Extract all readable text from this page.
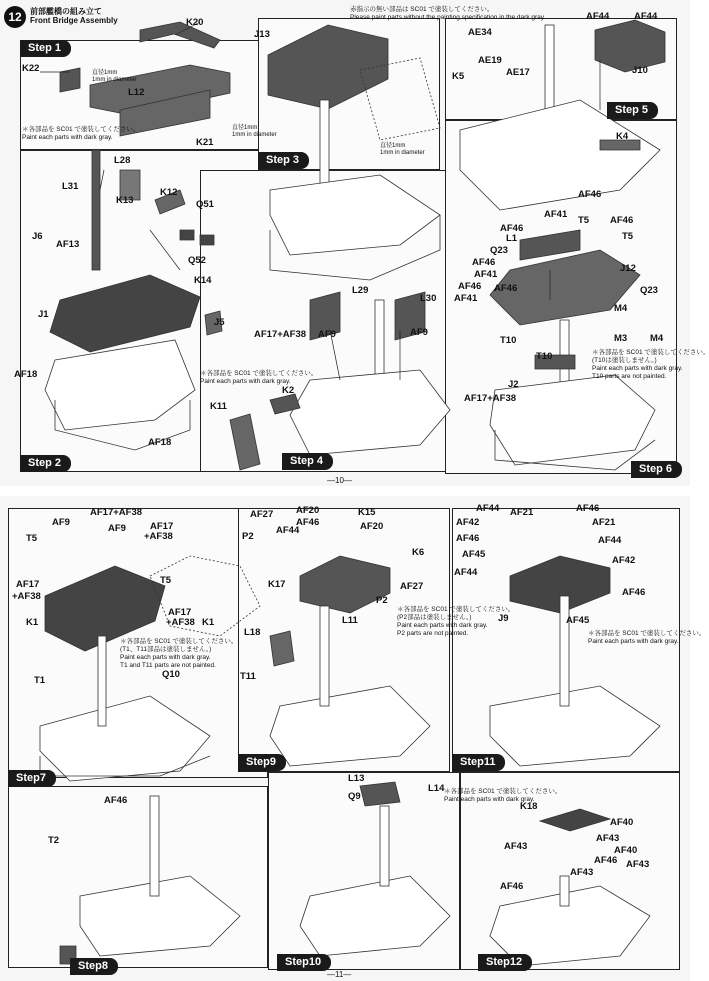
12	前部艦橋の組み立て
Front Bridge Assembly
Step 1
Step 2
Step 3
Step 4
Step 5
Step 6
赤指示の無い部品は SC01 で塗装してください。
Please paint parts without the painting specification in the dark gray.
＊各部品を SC01 で塗装してください。
Paint each parts with dark gray.
＊各部品を SC01 で塗装してください。
Paint each parts with dark gray.
＊各部品を SC01 で塗装してください。
(T10は塗装しません。)
Paint each parts with dark gray.
T10 parts are not painted.
直径1mm
1mm in diameter
直径1mm
1mm in diameter
直径1mm
1mm in diameter
K20
K22
L12
K21
L28
L31
K13
K12
Q51
Q52
J6
AF13
K14
J1
J5
AF18
AF18
J13
L29
L30
AF17+AF38 AF9	AF9
K2
K11
AF17+AF38
AE34
AE19
AE17
K5
AF44	AF44
J10
K4
AF46
AF41
T5 AF46
AF46
L1	T5
Q23
AF46
J12
AF41
AF46
AF41
Q23
AF46
M4
M3 M4
T10
T10
J2
—10—
Step7
Step8
Step9
Step10
Step11
Step12
＊各部品を SC01 で塗装してください。
(T1、T11部品は塗装しません。)
Paint each parts with dark gray.
T1 and T11 parts are not painted.
＊各部品を SC01 で塗装してください。
(P2部品は塗装しません。)
Paint each parts with dark gray.
P2 parts are not painted.
＊各部品を SC01 で塗装してください。
Paint each parts with dark gray.
＊各部品を SC01 で塗装してください。
Paint each parts with dark gray.
AF9
AF17+AF38
T5
AF9	AF17
+AF38
AF17
+AF38
T5
K1
AF17
+AF38 K1
T1
Q10
AF27 AF20	K15
AF46
AF44	AF20
P2
K6
K17	AF27
P2
L11
L18
T11
AF44 AF21	AF46
AF42	AF21
AF46	AF44
AF45
AF42
AF44
AF46
J9	AF45
AF46
T2
L13
L14
Q9
K18
AF40
AF43
AF43	AF40
AF46 AF43
AF43
AF46
—11—
